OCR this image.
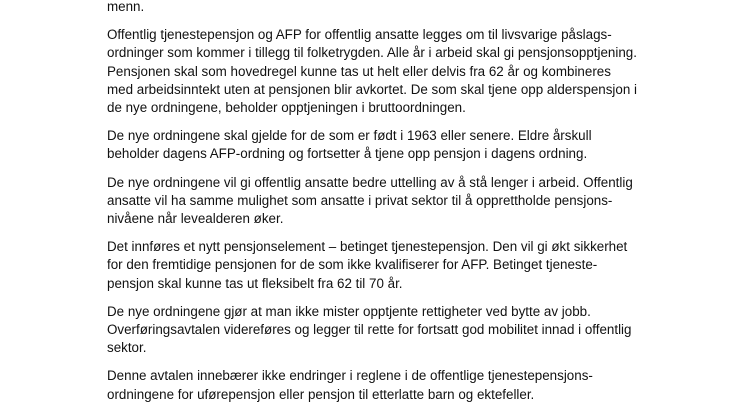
menn.

Offentlig tjenestepensjon og AFP for offentlig ansatte legges om til livsvarige påslags-
ordninger som kommer i tillegg til folketrygden. Alle år i arbeid skal gi pensjonsopptjening.
Pensjonen skal som hovedregel kunne tas ut helt eller delvis fra 62 år og kombineres
med arbeidsinntekt uten at pensjonen blir avkortet. De som skal tjene opp alderspensjon i
de nye ordningene, beholder opptjeningen i bruttoordningen.

De nye ordningene skal gjelde for de som er født i 1963 eller senere. Eldre årskull
beholder dagens AFP-ordning og fortsetter å tjene opp pensjon i dagens ordning.

De nye ordningene vil gi offentlig ansatte bedre uttelling av å stå lenger i arbeid. Offentlig
ansatte vil ha samme mulighet som ansatte i privat sektor til å opprettholde pensjons-
nivåene når levealderen øker.

Det innføres et nytt pensjonselement – betinget tjenestepensjon. Den vil gi økt sikkerhet
for den fremtidige pensjonen for de som ikke kvalifiserer for AFP. Betinget tjeneste-
pensjon skal kunne tas ut fleksibelt fra 62 til 70 år.

De nye ordningene gjør at man ikke mister opptjente rettigheter ved bytte av jobb.
Overføringsavtalen videreføres og legger til rette for fortsatt god mobilitet innad i offentlig
sektor.

Denne avtalen innebærer ikke endringer i reglene i de offentlige tjenestepensjons-
ordningene for uførepensjon eller pensjon til etterlatte barn og ektefeller.
